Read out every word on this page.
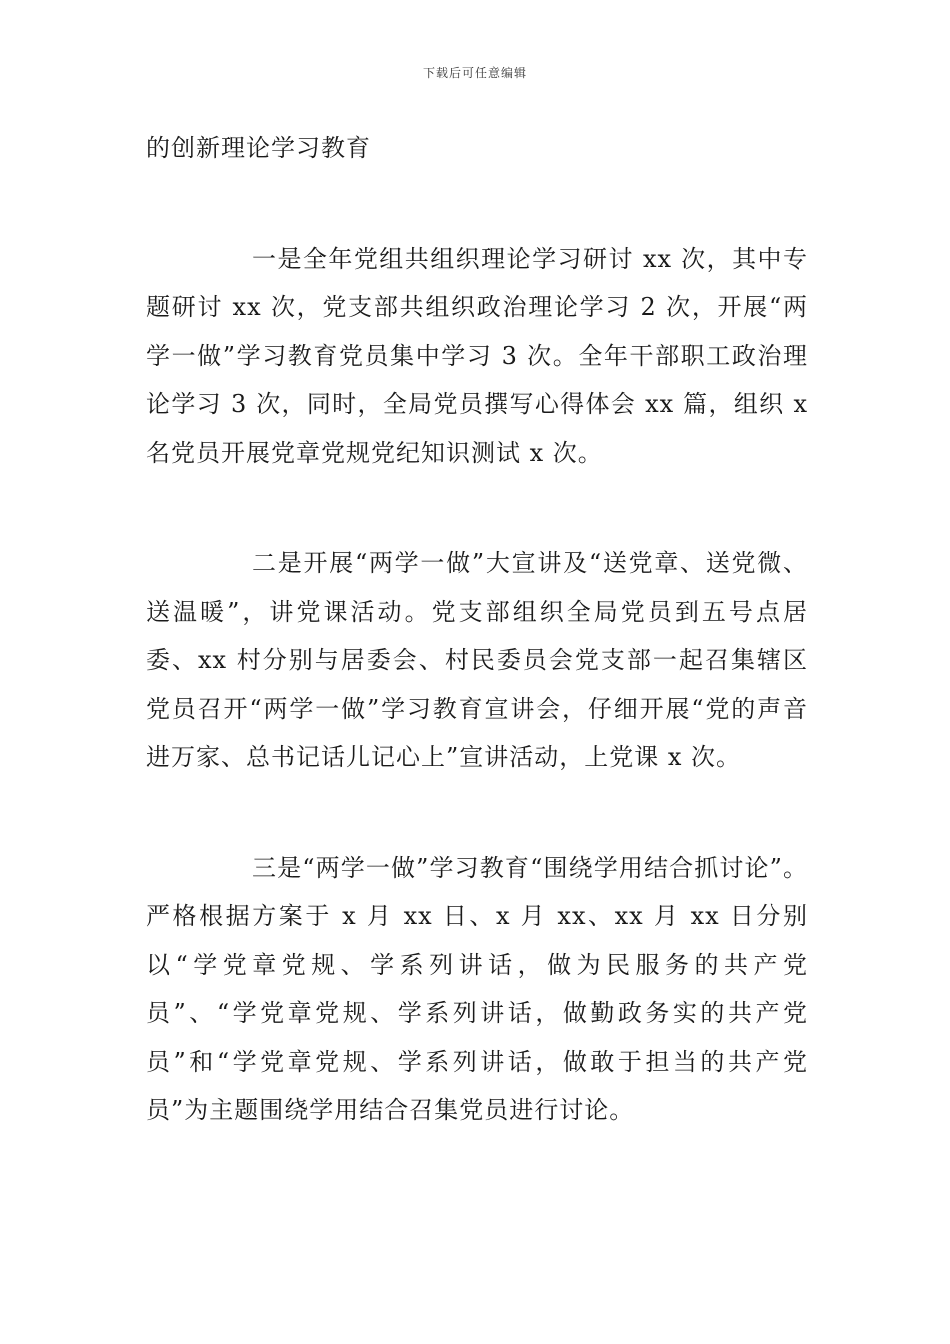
下载后可任意编辑

的创新理论学习教育

一是全年党组共组织理论学习研讨 xx 次，其中专题研讨 xx 次，党支部共组织政治理论学习 2 次，开展“两学一做”学习教育党员集中学习 3 次。全年干部职工政治理论学习 3 次，同时，全局党员撰写心得体会 xx 篇，组织 x 名党员开展党章党规党纪知识测试 x 次。

二是开展“两学一做”大宣讲及“送党章、送党微、送温暖”，讲党课活动。党支部组织全局党员到五号点居委、xx 村分别与居委会、村民委员会党支部一起召集辖区党员召开“两学一做”学习教育宣讲会，仔细开展“党的声音进万家、总书记话儿记心上”宣讲活动，上党课 x 次。

三是“两学一做”学习教育“围绕学用结合抓讨论”。 严格根据方案于 x 月 xx 日、x 月 xx、xx 月 xx 日分别以“学党章党规、学系列讲话，做为民服务的共产党员”、“学党章党规、学系列讲话，做勤政务实的共产党员”和“学党章党规、学系列讲话，做敢于担当的共产党员”为主题围绕学用结合召集党员进行讨论。
